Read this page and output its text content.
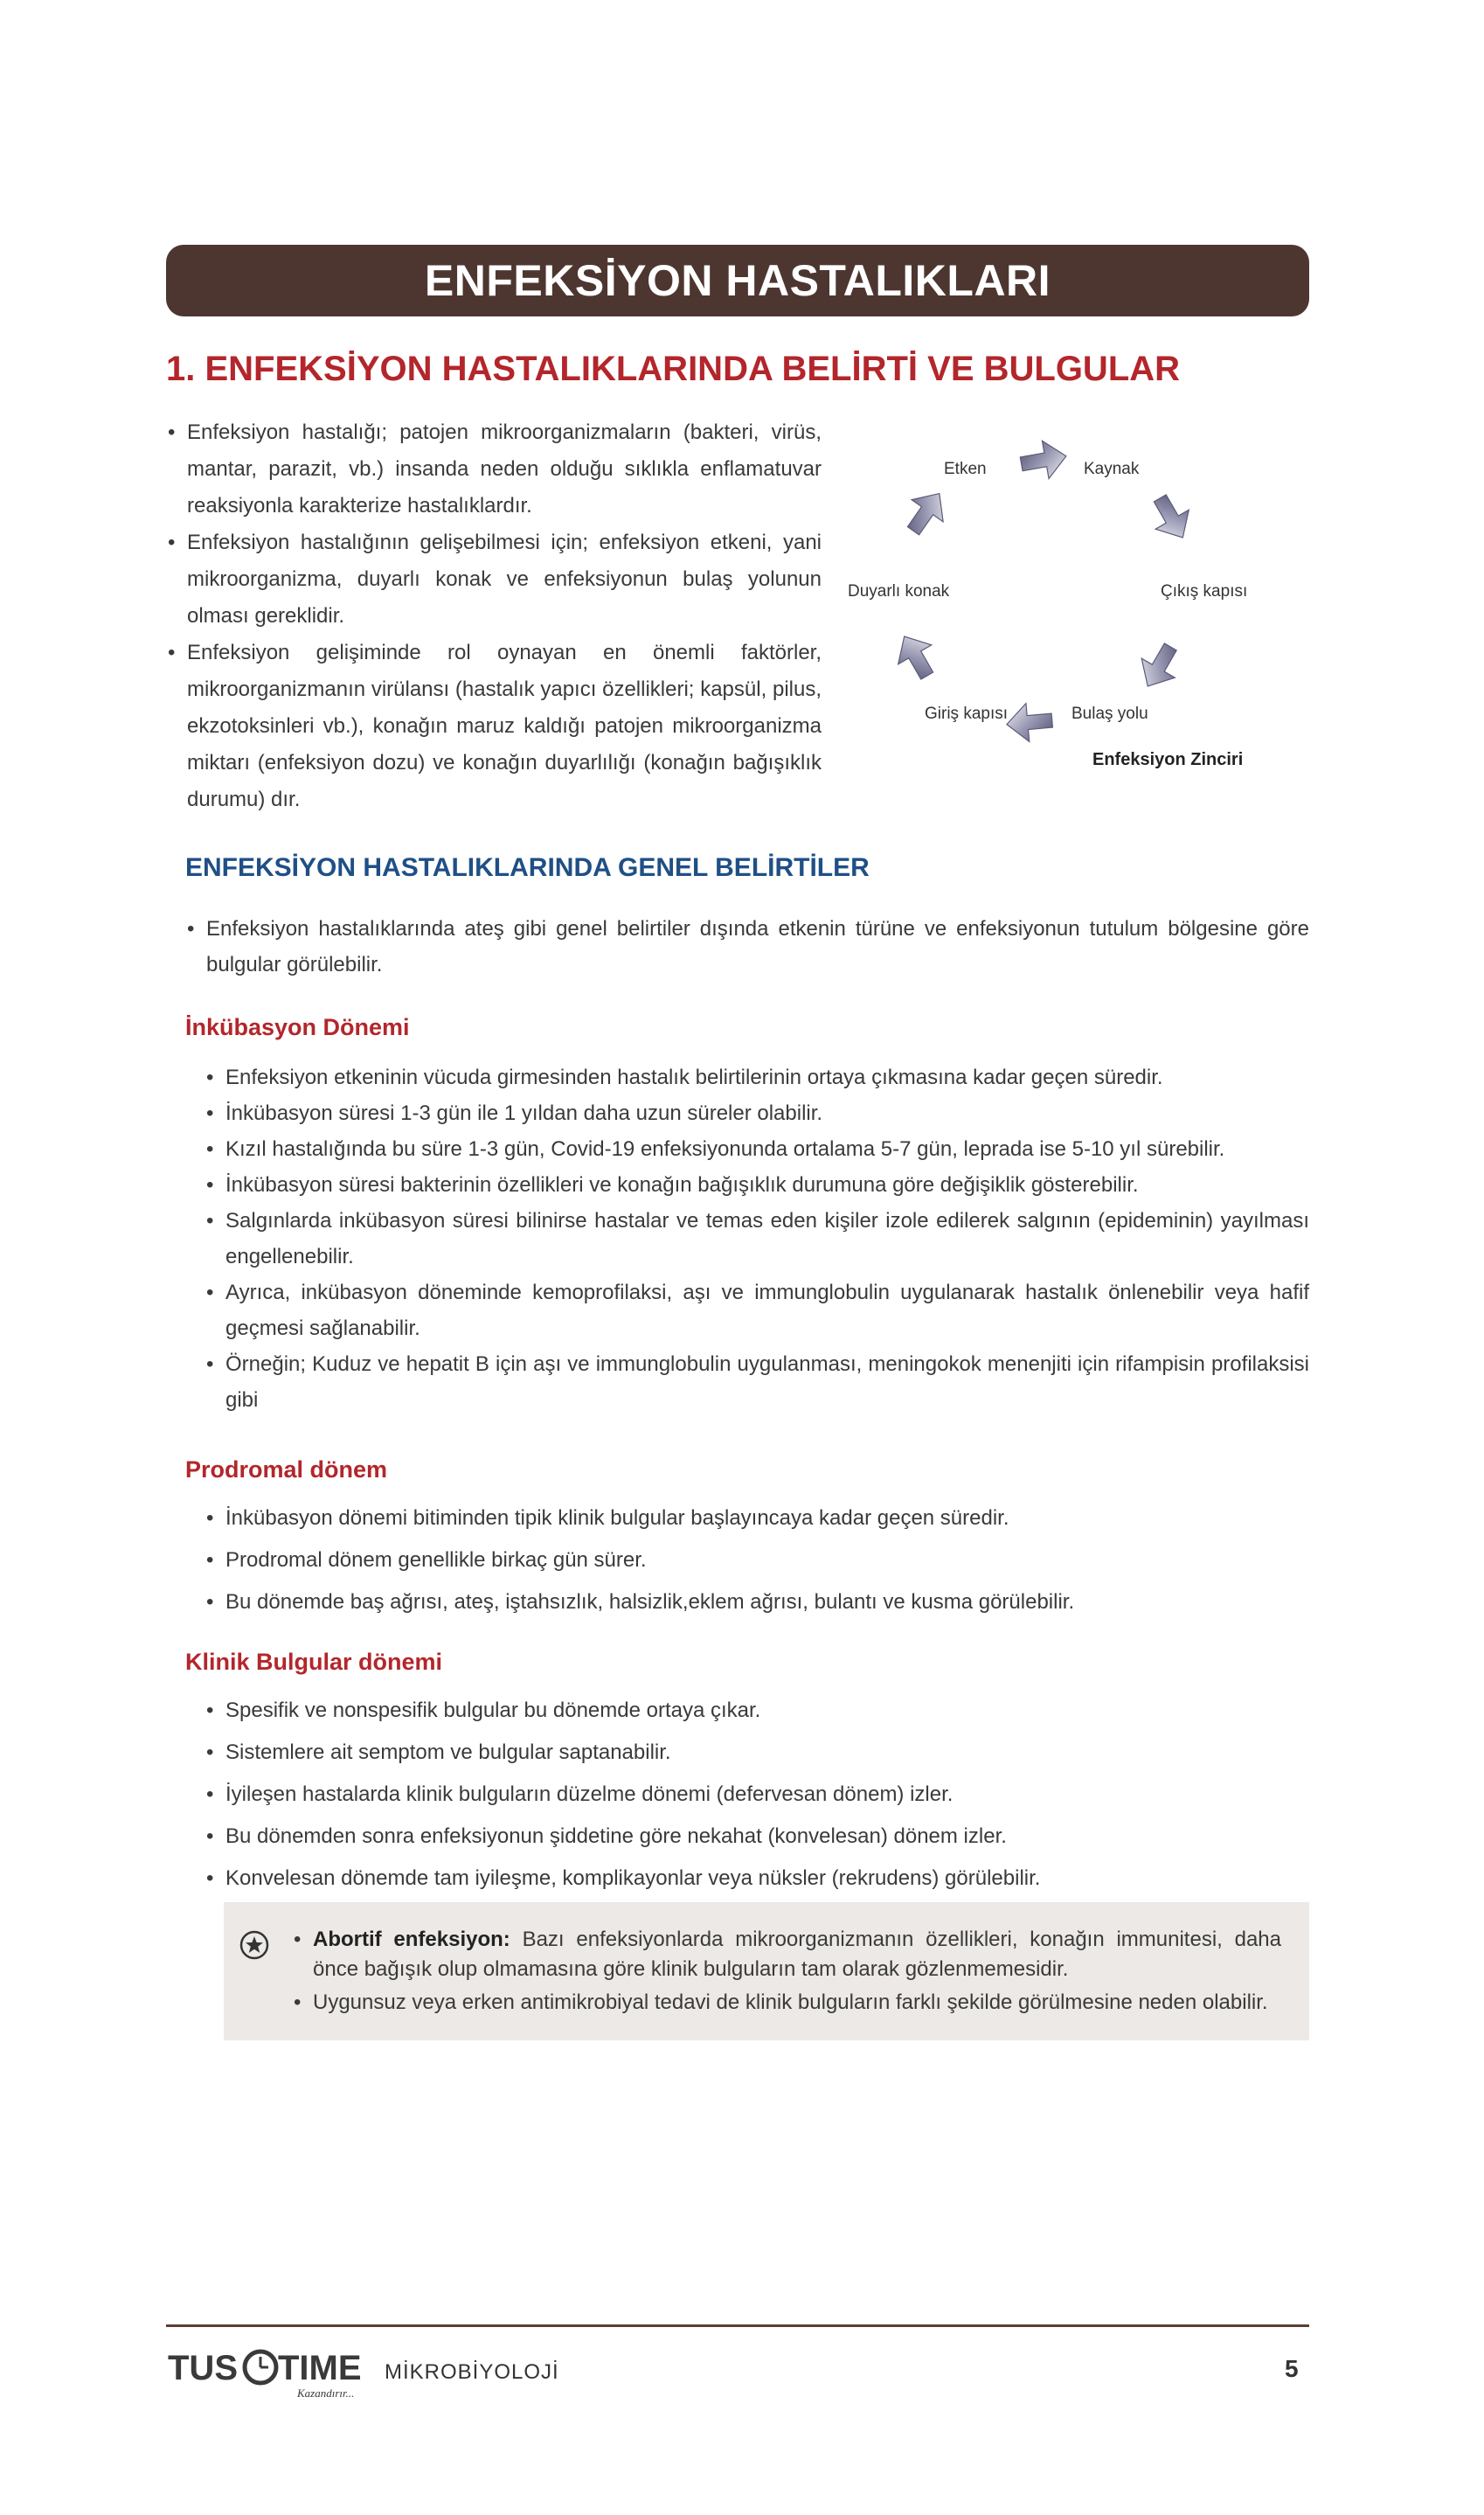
ENFEKSİYON HASTALIKLARI
1. ENFEKSİYON HASTALIKLARINDA BELİRTİ VE BULGULAR
• Enfeksiyon hastalığı; patojen mikroorganizmaların (bakteri, virüs, mantar, parazit, vb.) insanda neden olduğu sıklıkla enflamatuvar reaksiyonla karakterize hastalıklardır.
• Enfeksiyon hastalığının gelişebilmesi için; enfeksiyon etkeni, yani mikroorganizma, duyarlı konak ve enfeksiyonun bulaş yolunun olması gereklidir.
• Enfeksiyon gelişiminde rol oynayan en önemli faktörler, mikroorganizmanın virülansı (hastalık yapıcı özellikleri; kapsül, pilus, ekzotoksinleri vb.), konağın maruz kaldığı patojen mikroorganizma miktarı (enfeksiyon dozu) ve konağın duyarlılığı (konağın bağışıklık durumu) dır.
Etken	Kaynak
Duyarlı konak	Çıkış kapısı
Giriş kapısı	Bulaş yolu
Enfeksiyon Zinciri
ENFEKSİYON HASTALIKLARINDA GENEL BELİRTİLER
• Enfeksiyon hastalıklarında ateş gibi genel belirtiler dışında etkenin türüne ve enfeksiyonun tutulum bölgesine göre bulgular görülebilir.
İnkübasyon Dönemi
• Enfeksiyon etkeninin vücuda girmesinden hastalık belirtilerinin ortaya çıkmasına kadar geçen süredir.
• İnkübasyon süresi 1-3 gün ile 1 yıldan daha uzun süreler olabilir.
• Kızıl hastalığında bu süre 1-3 gün, Covid-19 enfeksiyonunda ortalama 5-7 gün, leprada ise 5-10 yıl sürebilir.
• İnkübasyon süresi bakterinin özellikleri ve konağın bağışıklık durumuna göre değişiklik gösterebilir.
• Salgınlarda inkübasyon süresi bilinirse hastalar ve temas eden kişiler izole edilerek salgının (epideminin) yayılması engellenebilir.
• Ayrıca, inkübasyon döneminde kemoprofilaksi, aşı ve immunglobulin uygulanarak hastalık önlenebilir veya hafif geçmesi sağlanabilir.
• Örneğin; Kuduz ve hepatit B için aşı ve immunglobulin uygulanması, meningokok menenjiti için rifampisin profilaksisi gibi
Prodromal dönem
• İnkübasyon dönemi bitiminden tipik klinik bulgular başlayıncaya kadar geçen süredir.
• Prodromal dönem genellikle birkaç gün sürer.
• Bu dönemde baş ağrısı, ateş, iştahsızlık, halsizlik,eklem ağrısı, bulantı ve kusma görülebilir.
Klinik Bulgular dönemi
• Spesifik ve nonspesifik bulgular bu dönemde ortaya çıkar.
• Sistemlere ait semptom ve bulgular saptanabilir.
• İyileşen hastalarda klinik bulguların düzelme dönemi (defervesan dönem) izler.
• Bu dönemden sonra enfeksiyonun şiddetine göre nekahat (konvelesan) dönem izler.
• Konvelesan dönemde tam iyileşme, komplikayonlar veya nüksler (rekrudens) görülebilir.
• Abortif enfeksiyon: Bazı enfeksiyonlarda mikroorganizmanın özellikleri, konağın immunitesi, daha önce bağışık olup olmamasına göre klinik bulguların tam olarak gözlenmemesidir.
• Uygunsuz veya erken antimikrobiyal tedavi de klinik bulguların farklı şekilde görülmesine neden olabilir.
TUS TIME
Kazandırır...
MİKROBİYOLOJİ	5
